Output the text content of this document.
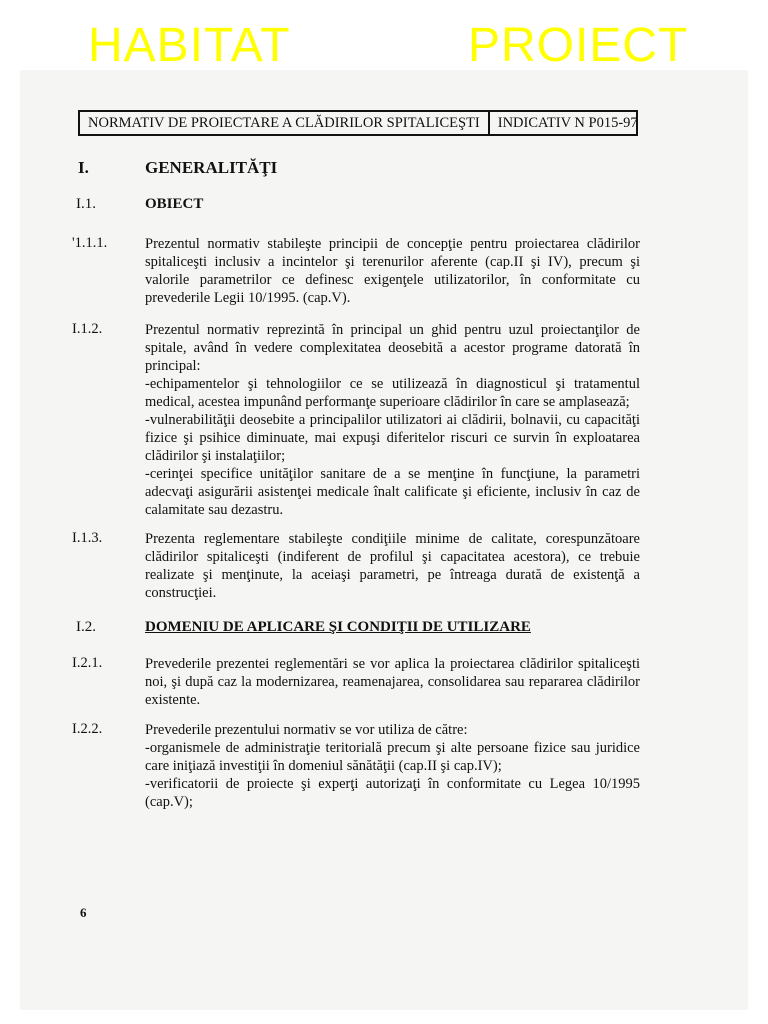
HABITAT	PROIECT
NORMATIV DE PROIECTARE A CLĂDIRILOR SPITALICEŞTI	INDICATIV N P015-97
I.	GENERALITĂŢI
I.1.	OBIECT
'1.1.1.	Prezentul normativ stabileşte principii de concepţie pentru proiectarea clădirilor spitaliceşti inclusiv a incintelor şi terenurilor aferente (cap.II şi IV), precum şi valorile parametrilor ce definesc exigenţele utilizatorilor, în conformitate cu prevederile Legii 10/1995. (cap.V).
I.1.2.	Prezentul normativ reprezintă în principal un ghid pentru uzul proiectanţilor de spitale, având în vedere complexitatea deosebită a acestor programe datorată în principal:
-echipamentelor şi tehnologiilor ce se utilizează în diagnosticul şi tratamentul medical, acestea impunând performanţe superioare clădirilor în care se amplasează;
-vulnerabilităţii deosebite a principalilor utilizatori ai clădirii, bolnavii, cu capacităţi fizice şi psihice diminuate, mai expuşi diferitelor riscuri ce survin în exploatarea clădirilor şi instalaţiilor;
-cerinţei specifice unităţilor sanitare de a se menţine în funcţiune, la parametri adecvaţi asigurării asistenţei medicale înalt calificate şi eficiente, inclusiv în caz de calamitate sau dezastru.
I.1.3.	Prezenta reglementare stabileşte condiţiile minime de calitate, corespunzătoare clădirilor spitaliceşti (indiferent de profilul şi capacitatea acestora), ce trebuie realizate şi menţinute, la aceiaşi parametri, pe întreaga durată de existenţă a construcţiei.
I.2.	DOMENIU DE APLICARE ŞI CONDIŢII DE UTILIZARE
I.2.1.	Prevederile prezentei reglementări se vor aplica la proiectarea clădirilor spitaliceşti noi, şi după caz la modernizarea, reamenajarea, consolidarea sau repararea clădirilor existente.
I.2.2.	Prevederile prezentului normativ se vor utiliza de către:
-organismele de administraţie teritorială precum şi alte persoane fizice sau juridice care iniţiază investiţii în domeniul sănătăţii (cap.II şi cap.IV);
-verificatorii de proiecte şi experţi autorizaţi în conformitate cu Legea 10/1995 (cap.V);
6
